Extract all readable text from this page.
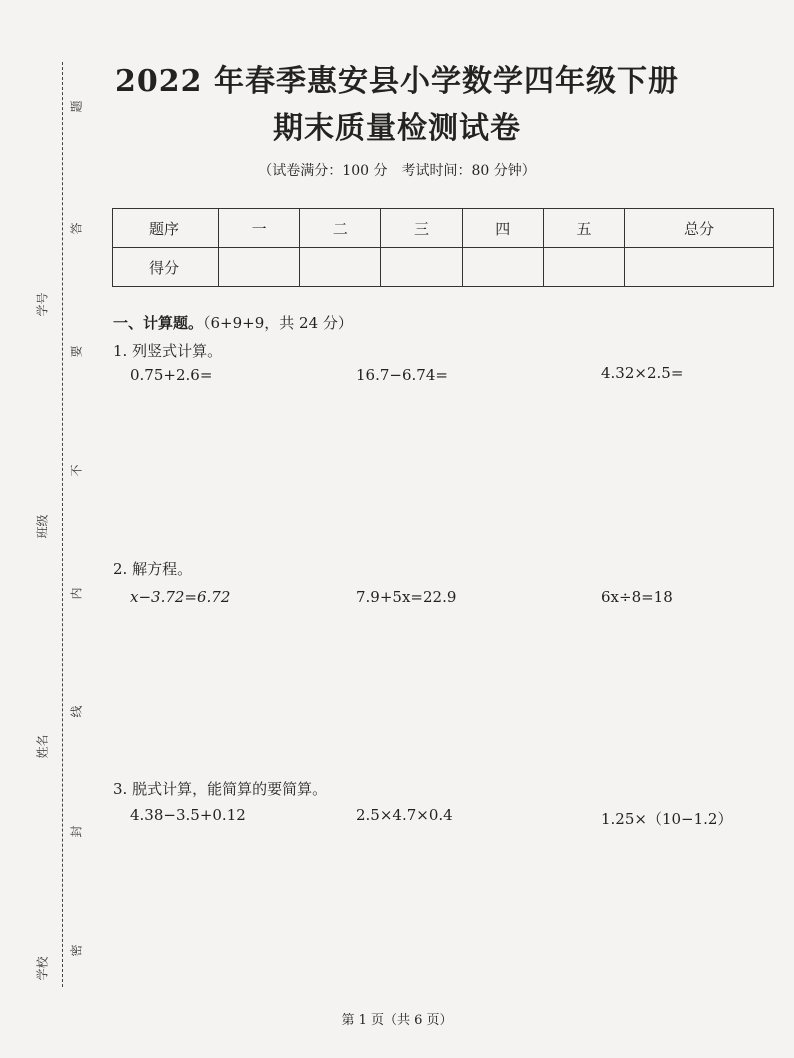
题
答
要
不
内
线
封
密
学号
班级
姓名
学校
2022 年春季惠安县小学数学四年级下册
期末质量检测试卷
（试卷满分：100 分　考试时间：80 分钟）
题序	一	二	三	四	五	总分
得分						
一、计算题。（6+9+9，共 24 分）
1. 列竖式计算。
0.75+2.6=	16.7−6.74=	4.32×2.5=
2. 解方程。
x−3.72=6.72	7.9+5x=22.9	6x÷8=18
3. 脱式计算，能简算的要简算。
4.38−3.5+0.12	2.5×4.7×0.4	1.25×（10−1.2）
第 1 页（共 6 页）
